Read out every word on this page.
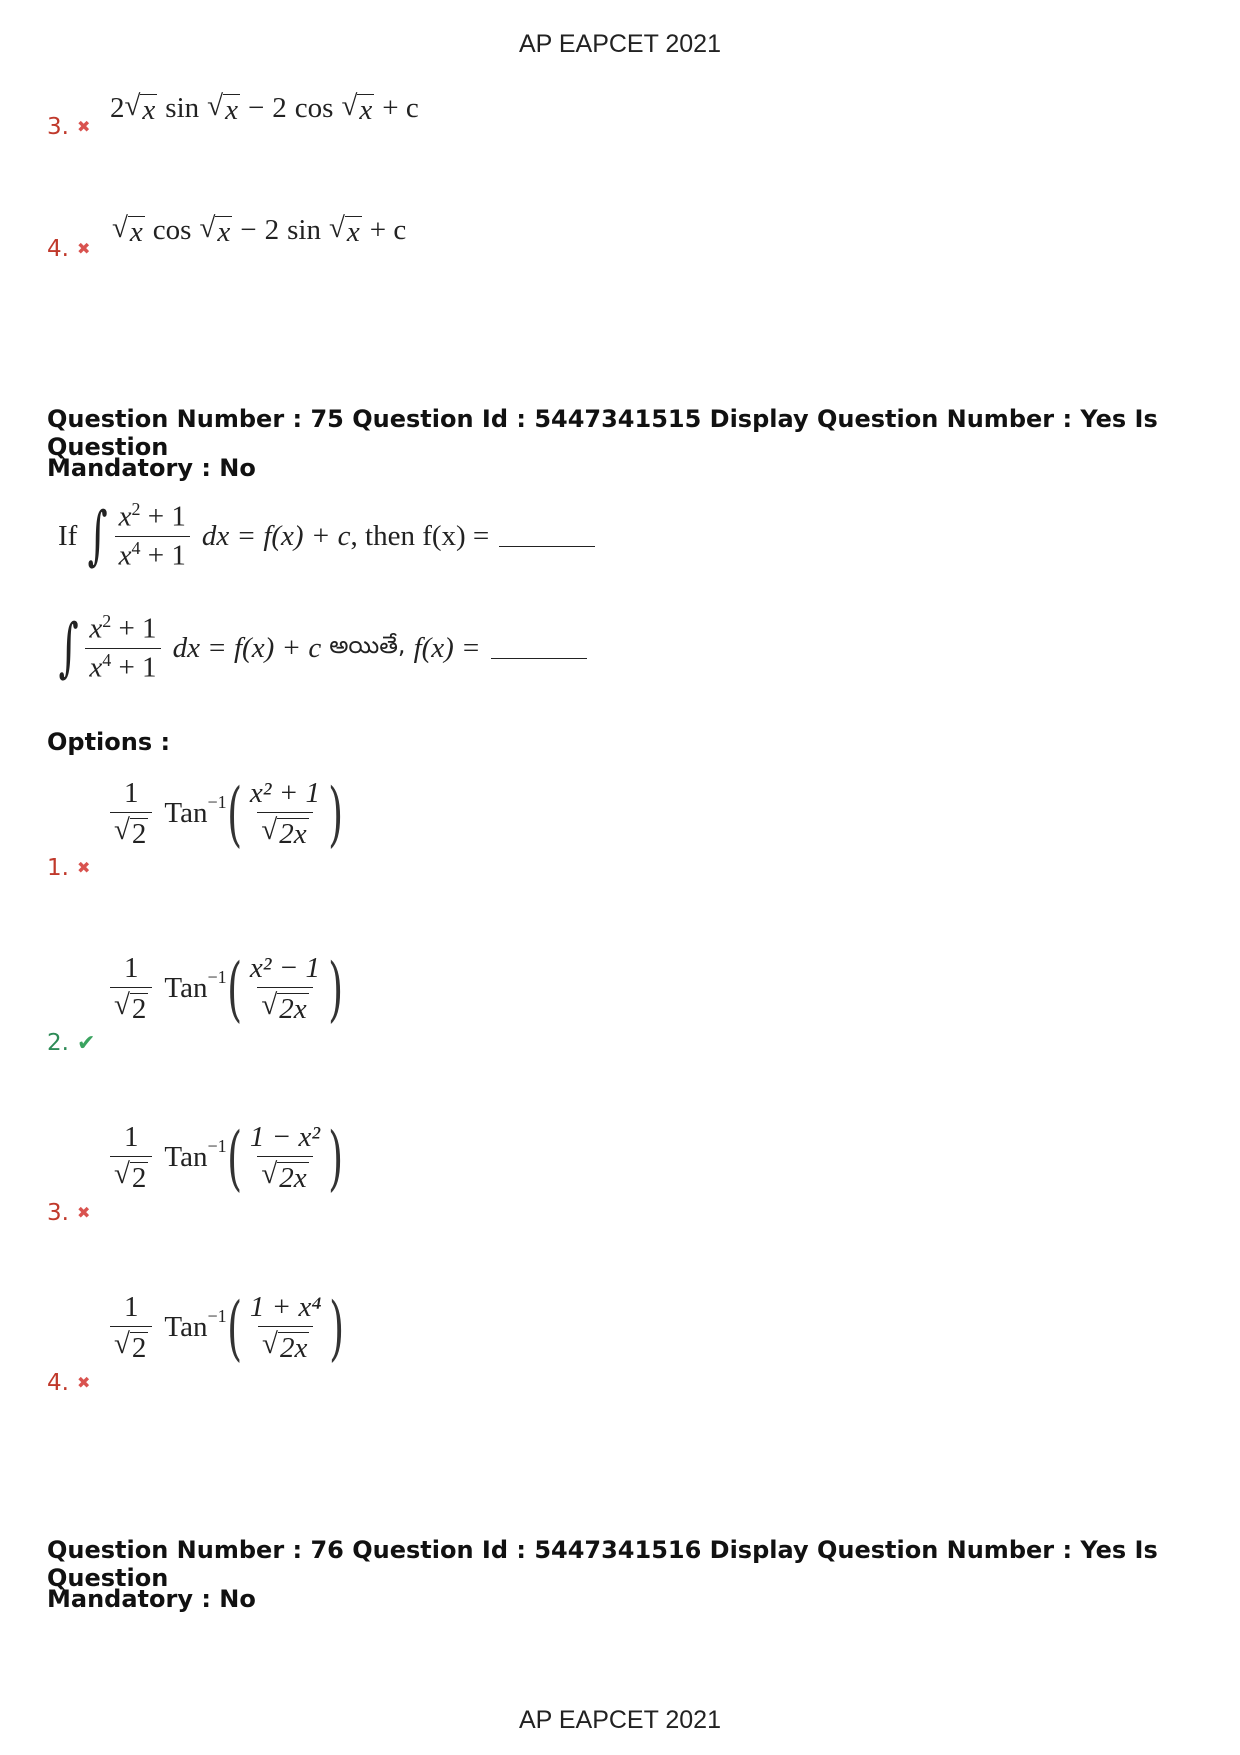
AP EAPCET 2021
AP EAPCET 2021
3. ✖
2 √ x sin √ x − 2 cos √ x + c
4. ✖
√ x cos √ x − 2 sin √ x + c
Question Number : 75 Question Id : 5447341515 Display Question Number : Yes Is Question
Mandatory : No
If ∫ $\frac{x^2 + 1}{x^4 + 1}$ dx = f(x) + c , then f(x) =
∫ $\frac{x^2 + 1}{x^4 + 1}$ dx = f(x) + c అయితే, f(x) =
Options :
1. ✖
$\frac{1}{√ 2} Tan^{-1}$ ( $\frac{\text{x² + 1}}{√ 2x}$ )
2. ✔
$\frac{1}{√ 2} Tan^{-1}$ ( $\frac{\text{x² − 1}}{√ 2x}$ )
3. ✖
$\frac{1}{√ 2} Tan^{-1}$ ( $\frac{\text{1 − x²}}{√ 2x}$ )
4. ✖
$\frac{1}{√ 2} Tan^{-1}$ ( $\frac{\text{1 + x⁴}}{√ 2x}$ )
Question Number : 76 Question Id : 5447341516 Display Question Number : Yes Is Question
Mandatory : No
